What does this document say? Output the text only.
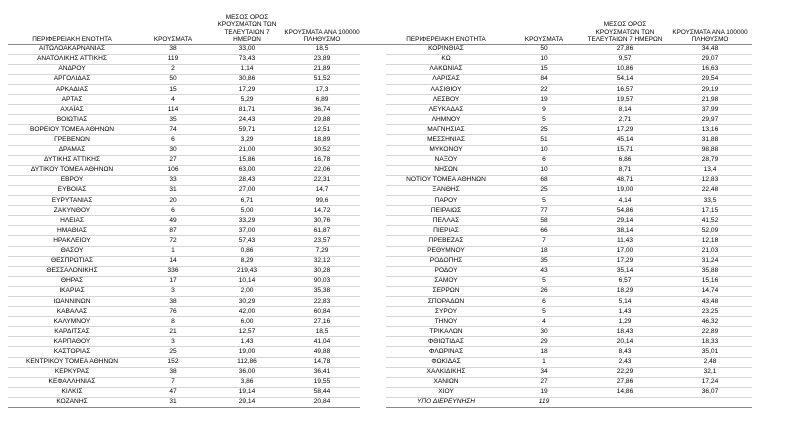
ΠΕΡΙΦΕΡΕΙΑΚΗ ΕΝΟΤΗΤΑ	ΚΡΟΥΣΜΑΤΑ	ΜΕΣΟΣ ΟΡΟΣ ΚΡΟΥΣΜΑΤΩΝ ΤΩΝ ΤΕΛΕΥΤΑΙΩΝ 7 ΗΜΕΡΩΝ	ΚΡΟΥΣΜΑΤΑ ΑΝΑ 100000 ΠΛΗΘΥΣΜΟ		ΠΕΡΙΦΕΡΕΙΑΚΗ ΕΝΟΤΗΤΑ	ΚΡΟΥΣΜΑΤΑ	ΜΕΣΟΣ ΟΡΟΣ ΚΡΟΥΣΜΑΤΩΝ ΤΩΝ ΤΕΛΕΥΤΑΙΩΝ 7 ΗΜΕΡΩΝ	ΚΡΟΥΣΜΑΤΑ ΑΝΑ 100000 ΠΛΗΘΥΣΜΟ
ΑΙΤΩΛΟΑΚΑΡΝΑΝΙΑΣ	38	33,00	18,5		ΚΟΡΙΝΘΙΑΣ	50	27,86	34,48
ΑΝΑΤΟΛΙΚΗΣ ΑΤΤΙΚΗΣ	119	73,43	23,89		ΚΩ	10	9,57	29,07
ΑΝΔΡΟΥ	2	1,14	21,89		ΛΑΚΩΝΙΑΣ	15	10,86	16,63
ΑΡΓΟΛΙΔΑΣ	50	30,86	51,52		ΛΑΡΙΣΑΣ	84	54,14	29,54
ΑΡΚΑΔΙΑΣ	15	17,29	17,3		ΛΑΣΙΘΙΟΥ	22	16,57	29,19
ΑΡΤΑΣ	4	5,29	6,89		ΛΕΣΒΟΥ	19	19,57	21,98
ΑΧΑΪΑΣ	114	81,71	36,74		ΛΕΥΚΑΔΑΣ	9	8,14	37,99
ΒΟΙΩΤΙΑΣ	35	24,43	29,88		ΛΗΜΝΟΥ	5	2,71	29,97
ΒΟΡΕΙΟΥ ΤΟΜΕΑ ΑΘΗΝΩΝ	74	59,71	12,51		ΜΑΓΝΗΣΙΑΣ	25	17,29	13,16
ΓΡΕΒΕΝΩΝ	6	3,29	18,89		ΜΕΣΣΗΝΙΑΣ	51	45,14	31,88
ΔΡΑΜΑΣ	30	21,00	30,52		ΜΥΚΟΝΟΥ	10	15,71	98,88
ΔΥΤΙΚΗΣ ΑΤΤΙΚΗΣ	27	15,86	16,78		ΝΑΞΟΥ	6	6,86	28,79
ΔΥΤΙΚΟΥ ΤΟΜΕΑ ΑΘΗΝΩΝ	106	63,00	22,06		ΝΗΣΩΝ	10	8,71	13,4
ΕΒΡΟΥ	33	28,43	22,31		ΝΟΤΙΟΥ ΤΟΜΕΑ ΑΘΗΝΩΝ	68	48,71	12,83
ΕΥΒΟΙΑΣ	31	27,00	14,7		ΞΑΝΘΗΣ	25	19,00	22,48
ΕΥΡΥΤΑΝΙΑΣ	20	6,71	99,6		ΠΑΡΟΥ	5	4,14	33,5
ΖΑΚΥΝΘΟΥ	6	5,00	14,72		ΠΕΙΡΑΙΩΣ	77	54,86	17,15
ΗΛΕΙΑΣ	49	33,29	30,76		ΠΕΛΛΑΣ	58	29,14	41,52
ΗΜΑΘΙΑΣ	87	37,00	61,87		ΠΙΕΡΙΑΣ	66	38,14	52,09
ΗΡΑΚΛΕΙΟΥ	72	57,43	23,57		ΠΡΕΒΕΖΑΣ	7	11,43	12,18
ΘΑΣΟΥ	1	0,86	7,29		ΡΕΘΥΜΝΟΥ	18	17,00	21,03
ΘΕΣΠΡΩΤΙΑΣ	14	8,29	32,12		ΡΟΔΟΠΗΣ	35	17,29	31,24
ΘΕΣΣΑΛΟΝΙΚΗΣ	336	219,43	30,28		ΡΟΔΟΥ	43	35,14	35,88
ΘΗΡΑΣ	17	10,14	90,03		ΣΑΜΟΥ	5	6,57	15,16
ΙΚΑΡΙΑΣ	3	2,00	35,38		ΣΕΡΡΩΝ	26	18,29	14,74
ΙΩΑΝΝΙΝΩΝ	38	30,29	22,83		ΣΠΟΡΑΔΩΝ	6	5,14	43,48
ΚΑΒΑΛΑΣ	76	42,00	60,84		ΣΥΡΟΥ	5	1,43	23,25
ΚΑΛΥΜΝΟΥ	8	6,00	27,16		ΤΗΝΟΥ	4	1,29	46,32
ΚΑΡΔΙΤΣΑΣ	21	12,57	18,5		ΤΡΙΚΑΛΩΝ	30	18,43	22,89
ΚΑΡΠΑΘΟΥ	3	1,43	41,04		ΦΘΙΩΤΙΔΑΣ	29	20,14	18,33
ΚΑΣΤΟΡΙΑΣ	25	19,00	49,88		ΦΛΩΡΙΝΑΣ	18	8,43	35,01
ΚΕΝΤΡΙΚΟΥ ΤΟΜΕΑ ΑΘΗΝΩΝ	152	112,86	14,78		ΦΩΚΙΔΑΣ	1	2,43	2,48
ΚΕΡΚΥΡΑΣ	38	36,00	36,41		ΧΑΛΚΙΔΙΚΗΣ	34	22,29	32,1
ΚΕΦΑΛΛΗΝΙΑΣ	7	3,86	19,55		ΧΑΝΙΩΝ	27	27,86	17,24
ΚΙΛΚΙΣ	47	19,14	58,44		ΧΙΟΥ	19	14,86	36,07
ΚΟΖΑΝΗΣ	31	29,14	20,84		ΥΠΟ ΔΙΕΡΕΥΝΗΣΗ	119		
